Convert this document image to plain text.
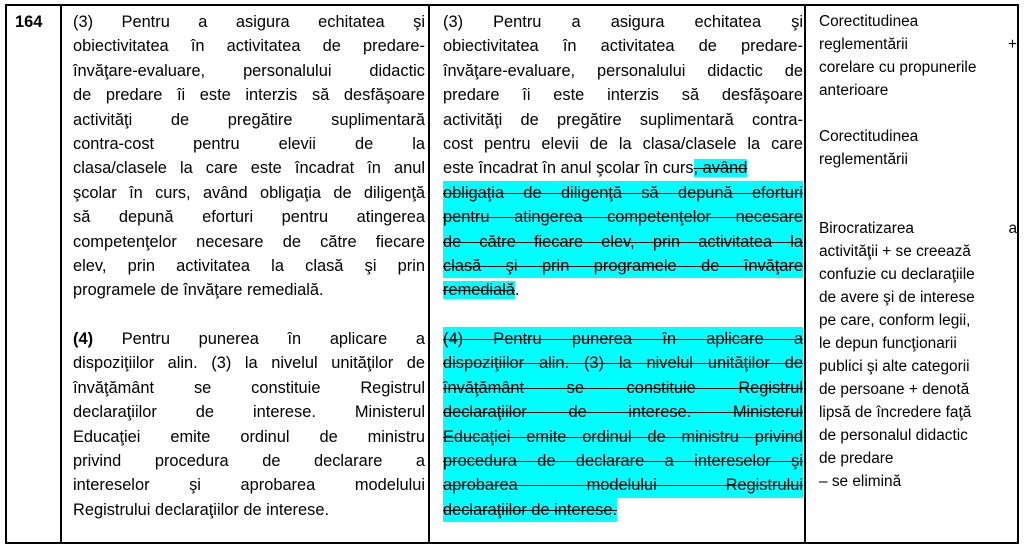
164 (3) Pentru a asigura echitatea şi
obiectivitatea în activitatea de predare-
învăţare-evaluare, personalului didactic
de predare îi este interzis să desfăşoare
activităţi de pregătire suplimentară
contra-cost pentru elevii de la
clasa/clasele la care este încadrat în anul
şcolar în curs, având obligaţia de diligenţă
să depună eforturi pentru atingerea
competenţelor necesare de către fiecare
elev, prin activitatea la clasă şi prin
programele de învăţare remedială.
(4) Pentru punerea în aplicare a
dispoziţiilor alin. (3) la nivelul unităţilor de
învăţământ se constituie Registrul
declaraţiilor de interese. Ministerul
Educaţiei emite ordinul de ministru
privind procedura de declarare a
intereselor şi aprobarea modelului
Registrului declaraţiilor de interese.
(3) Pentru a asigura echitatea şi
obiectivitatea în activitatea de predare-
învăţare-evaluare, personalului didactic de
predare îi este interzis să desfăşoare
activităţi de pregătire suplimentară contra-
cost pentru elevii de la clasa/clasele la care
este încadrat în anul şcolar în curs, având
obligaţia de diligenţă să depună eforturi
pentru atingerea competenţelor necesare
de către fiecare elev, prin activitatea la
clasă şi prin programele de învăţare
remedială.
(4) Pentru punerea în aplicare a
dispoziţiilor alin. (3) la nivelul unităţilor de
învăţământ se constituie Registrul
declaraţiilor de interese. Ministerul
Educaţiei emite ordinul de ministru privind
procedura de declarare a intereselor şi
aprobarea modelului Registrului
declaraţiilor de interese.
Corectitudinea
reglementării +
corelare cu propunerile
anterioare
Corectitudinea
reglementării
Birocratizarea a
activităţii + se creează
confuzie cu declaraţiile
de avere şi de interese
pe care, conform legii,
le depun funcţionarii
publici şi alte categorii
de persoane + denotă
lipsă de încredere faţă
de personalul didactic
de predare
– se elimină
